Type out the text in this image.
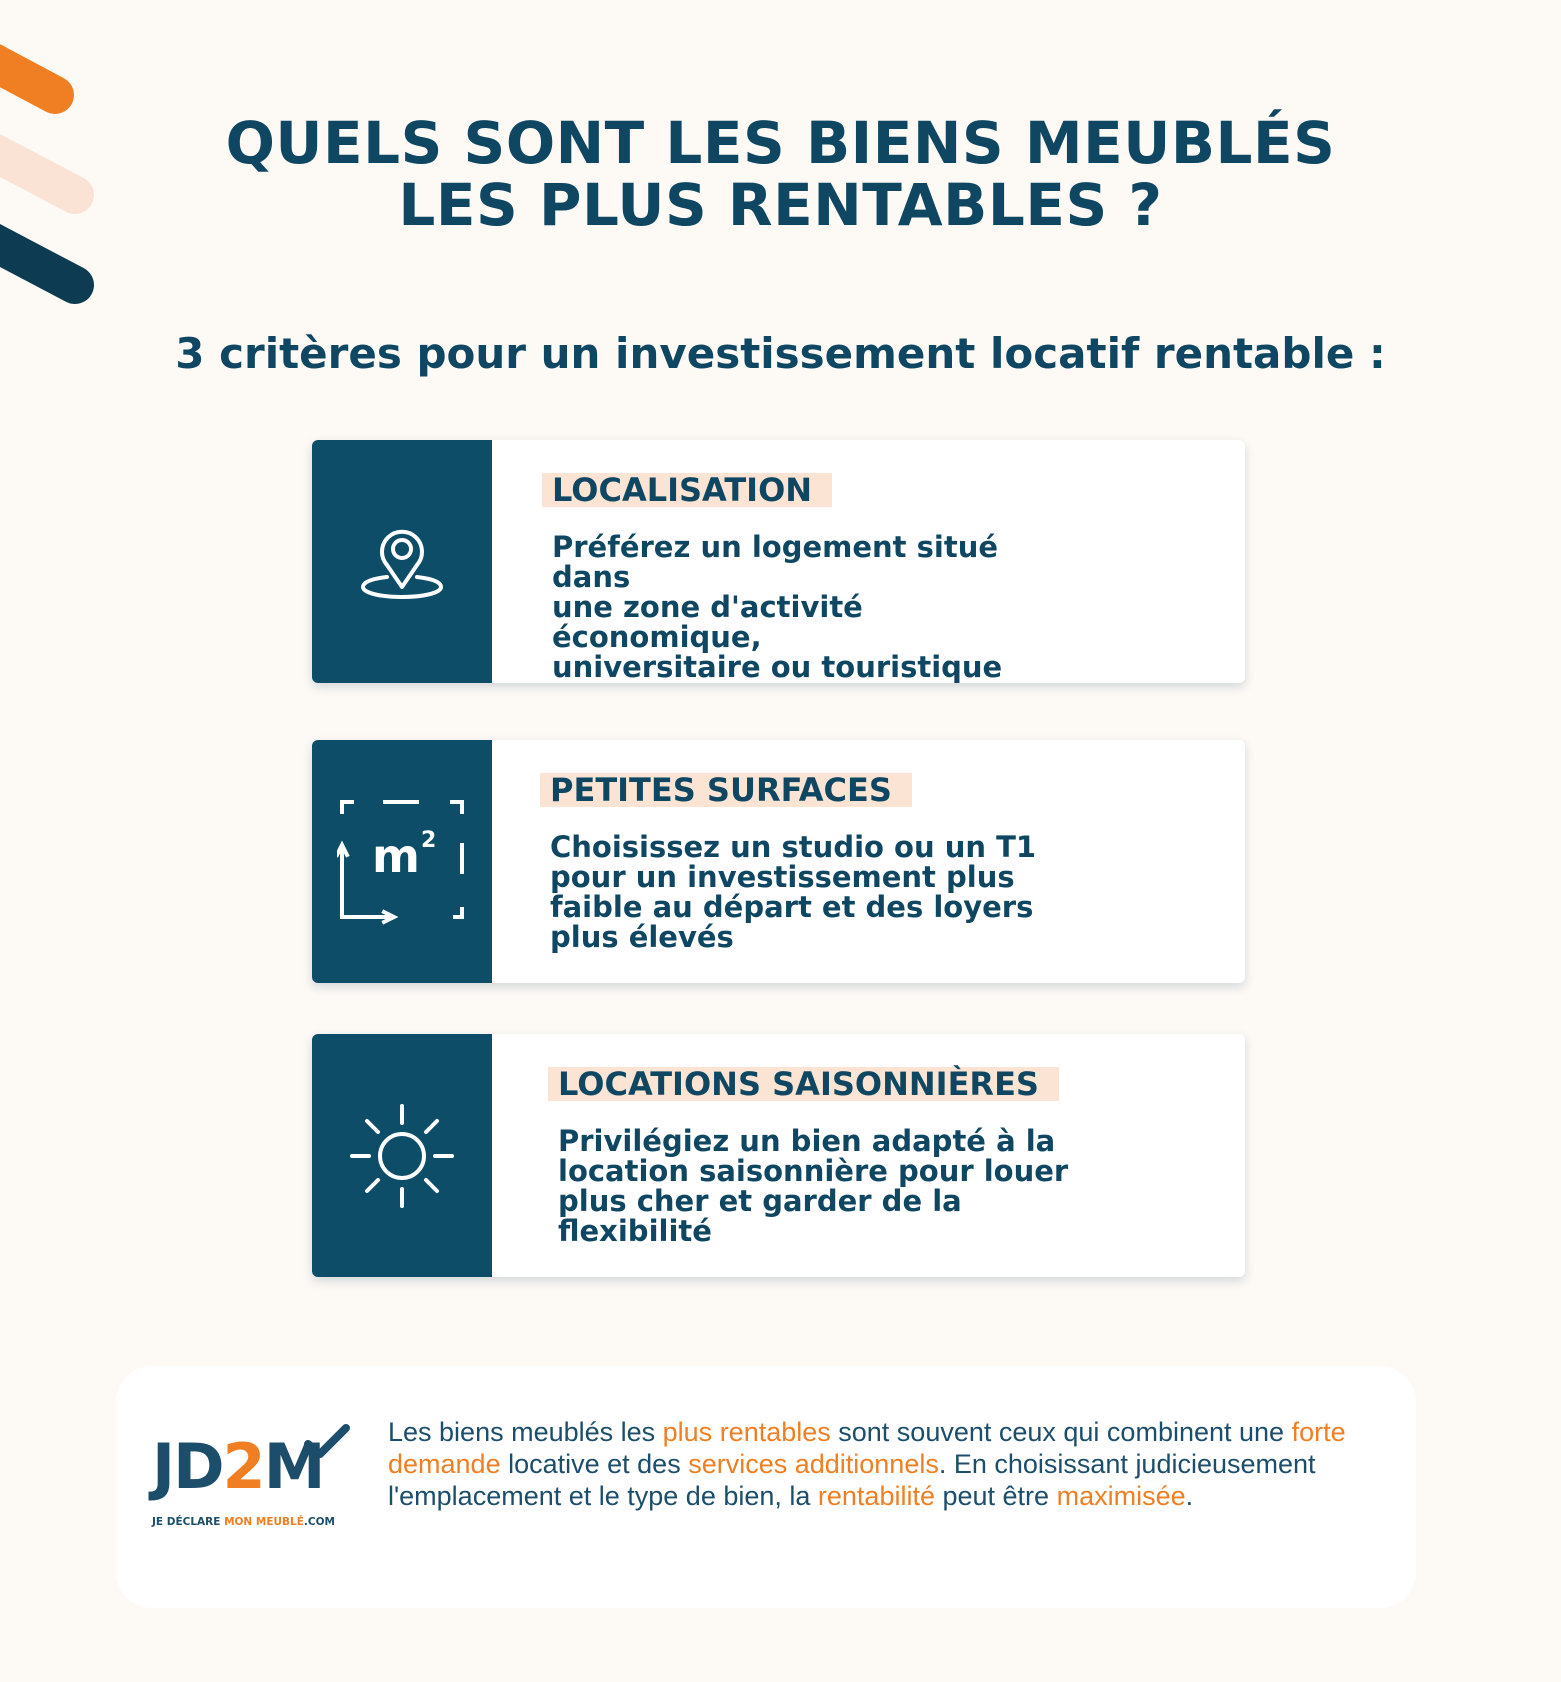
QUELS SONT LES BIENS MEUBLÉS
LES PLUS RENTABLES ?
3 critères pour un investissement locatif rentable :
LOCALISATION
Préférez un logement situé dans
une zone d'activité économique,
universitaire ou touristique
m 2
PETITES SURFACES
Choisissez un studio ou un T1
pour un investissement plus
faible au départ et des loyers
plus élevés
LOCATIONS SAISONNIÈRES
Privilégiez un bien adapté à la
location saisonnière pour louer
plus cher et garder de la
flexibilité
JD2M
JE DÉCLARE MON MEUBLÉ.COM

Les biens meublés les plus rentables sont souvent ceux qui combinent une forte demande locative et des services additionnels. En choisissant judicieusement l'emplacement et le type de bien, la rentabilité peut être maximisée.
